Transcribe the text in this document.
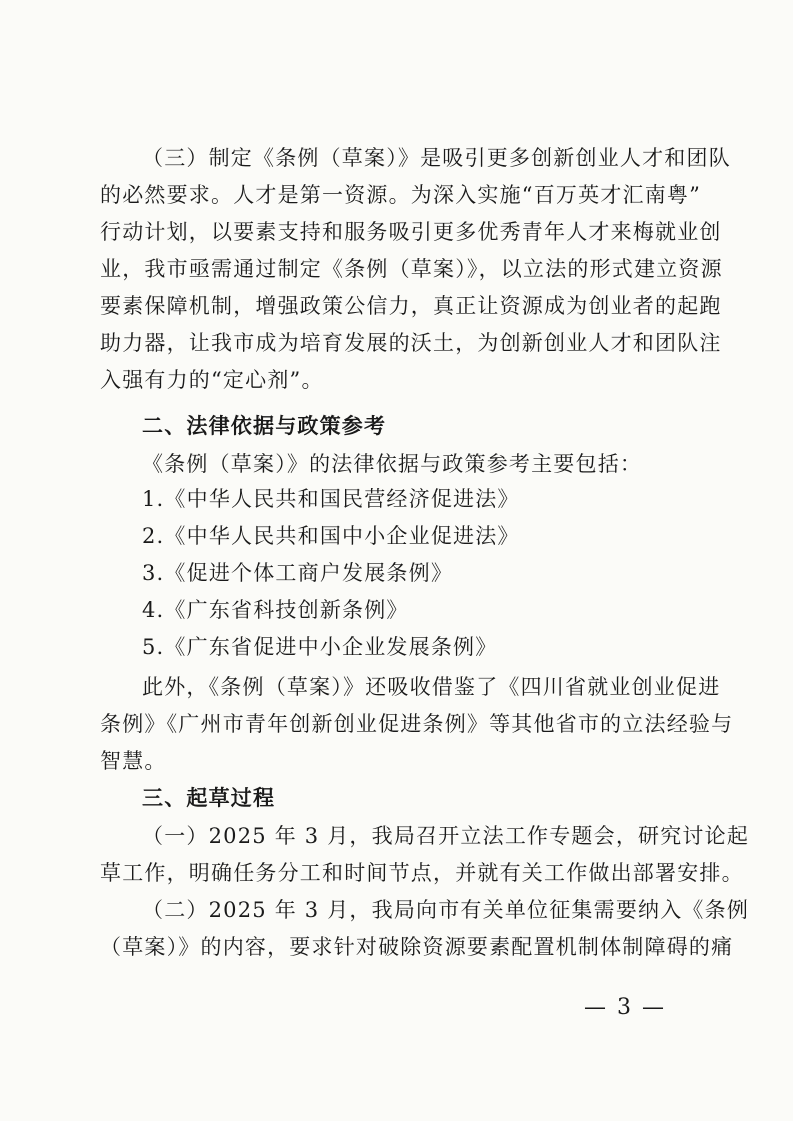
（三）制定《条例（草案）》是吸引更多创新创业人才和团队

的必然要求。人才是第一资源。为深入实施“百万英才汇南粤”

行动计划，以要素支持和服务吸引更多优秀青年人才来梅就业创

业，我市亟需通过制定《条例（草案）》，以立法的形式建立资源

要素保障机制，增强政策公信力，真正让资源成为创业者的起跑

助力器，让我市成为培育发展的沃土，为创新创业人才和团队注

入强有力的“定心剂”。

二、法律依据与政策参考

《条例（草案）》的法律依据与政策参考主要包括：

1.《中华人民共和国民营经济促进法》

2.《中华人民共和国中小企业促进法》

3.《促进个体工商户发展条例》

4.《广东省科技创新条例》

5.《广东省促进中小企业发展条例》

此外，《条例（草案）》还吸收借鉴了《四川省就业创业促进

条例》《广州市青年创新创业促进条例》等其他省市的立法经验与

智慧。

三、起草过程

（一）2025 年 3 月，我局召开立法工作专题会，研究讨论起

草工作，明确任务分工和时间节点，并就有关工作做出部署安排。

（二）2025 年 3 月，我局向市有关单位征集需要纳入《条例

（草案）》的内容，要求针对破除资源要素配置机制体制障碍的痛

— 3 —
